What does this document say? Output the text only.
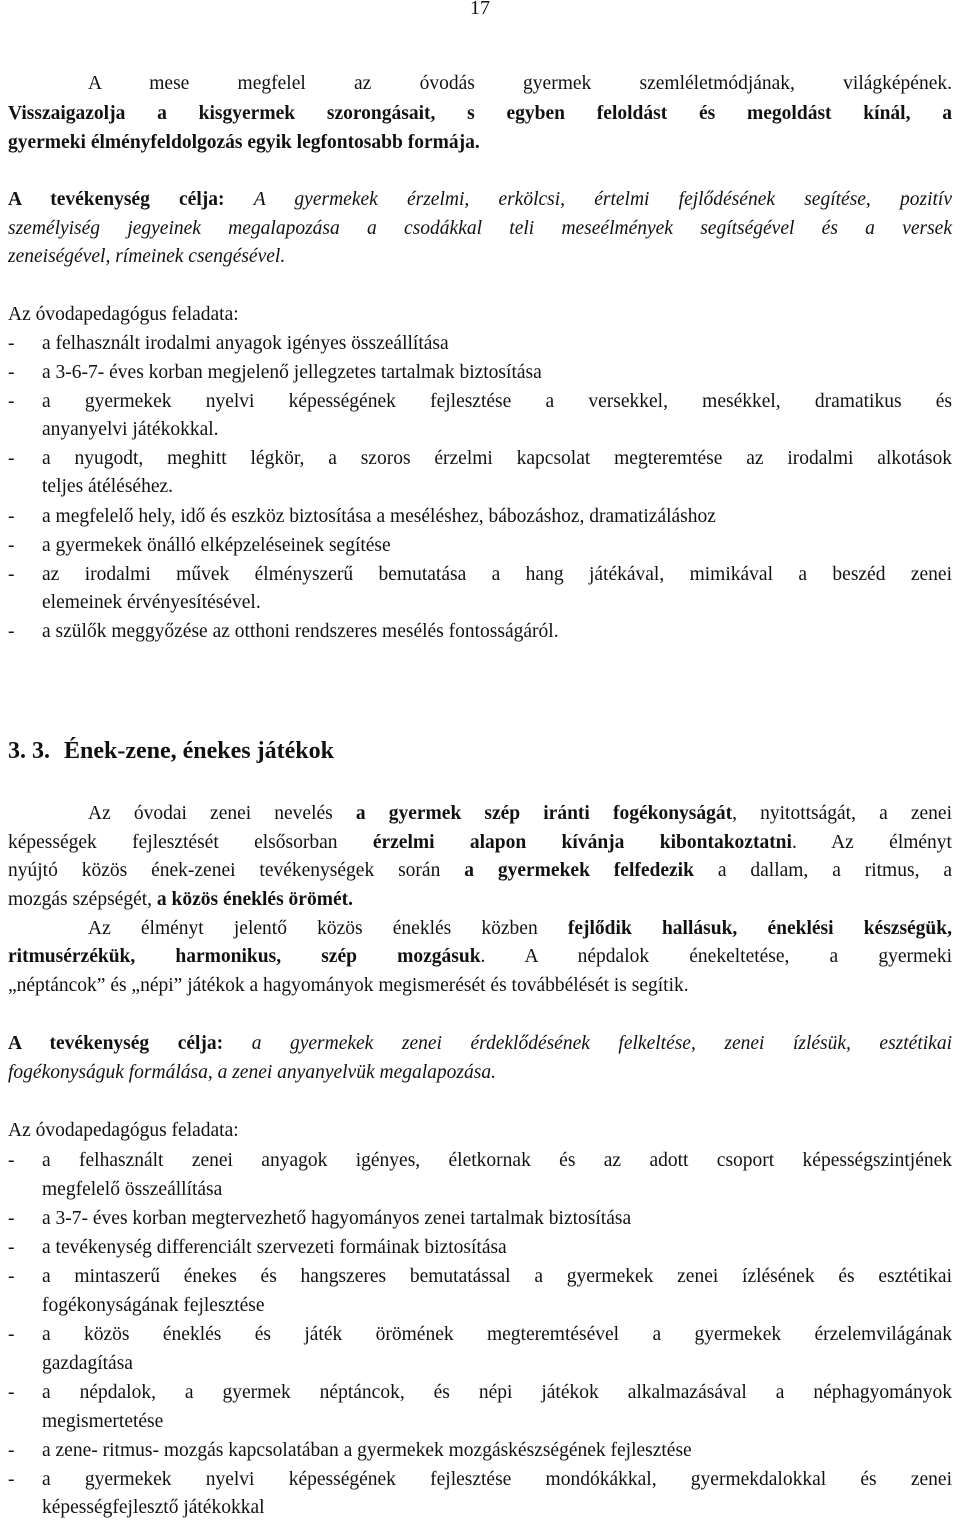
17
A mese megfelel az óvodás gyermek szemléletmódjának, világképének.
Visszaigazolja a kisgyermek szorongásait, s egyben feloldást és megoldást kínál, a
gyermeki élményfeldolgozás egyik legfontosabb formája.
A tevékenység célja: A gyermekek érzelmi, erkölcsi, értelmi fejlődésének segítése, pozitív
személyiség jegyeinek megalapozása a csodákkal teli meseélmények segítségével és a versek
zeneiségével, rímeinek csengésével.
Az óvodapedagógus feladata:
- a felhasznált irodalmi anyagok igényes összeállítása
- a 3-6-7- éves korban megjelenő jellegzetes tartalmak biztosítása
- a gyermekek nyelvi képességének fejlesztése a versekkel, mesékkel, dramatikus és
anyanyelvi játékokkal.
- a nyugodt, meghitt légkör, a szoros érzelmi kapcsolat megteremtése az irodalmi alkotások
teljes átéléséhez.
- a megfelelő hely, idő és eszköz biztosítása a meséléshez, bábozáshoz, dramatizáláshoz
- a gyermekek önálló elképzeléseinek segítése
- az irodalmi művek élményszerű bemutatása a hang játékával, mimikával a beszéd zenei
elemeinek érvényesítésével.
- a szülők meggyőzése az otthoni rendszeres mesélés fontosságáról.
3. 3. Ének-zene, énekes játékok
Az óvodai zenei nevelés a gyermek szép iránti fogékonyságát, nyitottságát, a zenei
képességek fejlesztését elsősorban érzelmi alapon kívánja kibontakoztatni. Az élményt
nyújtó közös ének-zenei tevékenységek során a gyermekek felfedezik a dallam, a ritmus, a
mozgás szépségét, a közös éneklés örömét.
Az élményt jelentő közös éneklés közben fejlődik hallásuk, éneklési készségük,
ritmusérzékük, harmonikus, szép mozgásuk. A népdalok énekeltetése, a gyermeki
„néptáncok” és „népi” játékok a hagyományok megismerését és továbbélését is segítik.
A tevékenység célja: a gyermekek zenei érdeklődésének felkeltése, zenei ízlésük, esztétikai
fogékonyságuk formálása, a zenei anyanyelvük megalapozása.
Az óvodapedagógus feladata:
- a felhasznált zenei anyagok igényes, életkornak és az adott csoport képességszintjének
megfelelő összeállítása
- a 3-7- éves korban megtervezhető hagyományos zenei tartalmak biztosítása
- a tevékenység differenciált szervezeti formáinak biztosítása
- a mintaszerű énekes és hangszeres bemutatással a gyermekek zenei ízlésének és esztétikai
fogékonyságának fejlesztése
- a közös éneklés és játék örömének megteremtésével a gyermekek érzelemvilágának
gazdagítása
- a népdalok, a gyermek néptáncok, és népi játékok alkalmazásával a néphagyományok
megismertetése
- a zene- ritmus- mozgás kapcsolatában a gyermekek mozgáskészségének fejlesztése
- a gyermekek nyelvi képességének fejlesztése mondókákkal, gyermekdalokkal és zenei
képességfejlesztő játékokkal
